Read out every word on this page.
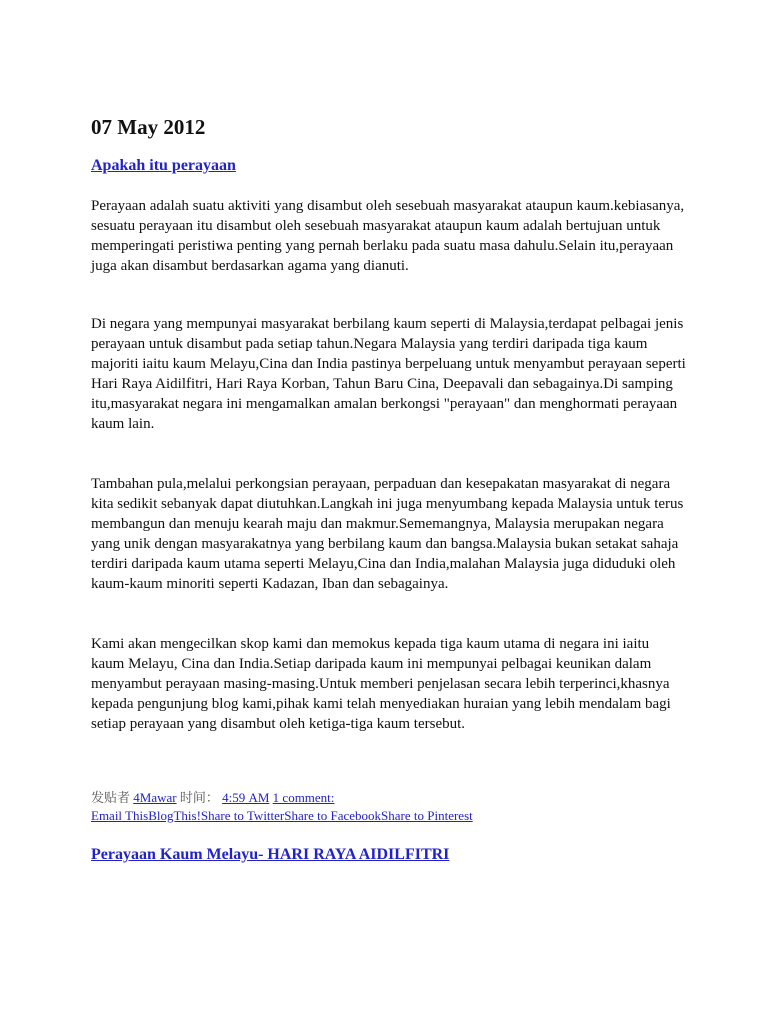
07 May 2012
Apakah itu perayaan

Perayaan adalah suatu aktiviti yang disambut oleh sesebuah masyarakat ataupun kaum.kebiasanya, sesuatu perayaan itu disambut oleh sesebuah masyarakat ataupun kaum adalah bertujuan untuk memperingati peristiwa penting yang pernah berlaku pada suatu masa dahulu.Selain itu,perayaan juga akan disambut berdasarkan agama yang dianuti.

Di negara yang mempunyai masyarakat berbilang kaum seperti di Malaysia,terdapat pelbagai jenis perayaan untuk disambut pada setiap tahun.Negara Malaysia yang terdiri daripada tiga kaum majoriti iaitu kaum Melayu,Cina dan India pastinya berpeluang untuk menyambut perayaan seperti Hari Raya Aidilfitri, Hari Raya Korban, Tahun Baru Cina, Deepavali dan sebagainya.Di samping itu,masyarakat negara ini mengamalkan amalan berkongsi "perayaan" dan menghormati perayaan kaum lain.

Tambahan pula,melalui perkongsian perayaan, perpaduan dan kesepakatan masyarakat di negara kita sedikit sebanyak dapat diutuhkan.Langkah ini juga menyumbang kepada Malaysia untuk terus membangun dan menuju kearah maju dan makmur.Sememangnya, Malaysia merupakan negara yang unik dengan masyarakatnya yang berbilang kaum dan bangsa.Malaysia bukan setakat sahaja terdiri daripada kaum utama seperti Melayu,Cina dan India,malahan Malaysia juga diduduki oleh kaum-kaum minoriti seperti Kadazan, Iban dan sebagainya.

Kami akan mengecilkan skop kami dan memokus kepada tiga kaum utama di negara ini iaitu kaum Melayu, Cina dan India.Setiap daripada kaum ini mempunyai pelbagai keunikan dalam menyambut perayaan masing-masing.Untuk memberi penjelasan secara lebih terperinci,khasnya kepada pengunjung blog kami,pihak kami telah menyediakan huraian yang lebih mendalam bagi setiap perayaan yang disambut oleh ketiga-tiga kaum tersebut.

发贴者 4Mawar 时间： 4:59 AM 1 comment:
Email ThisBlogThis!Share to TwitterShare to FacebookShare to Pinterest
Perayaan Kaum Melayu- HARI RAYA AIDILFITRI
